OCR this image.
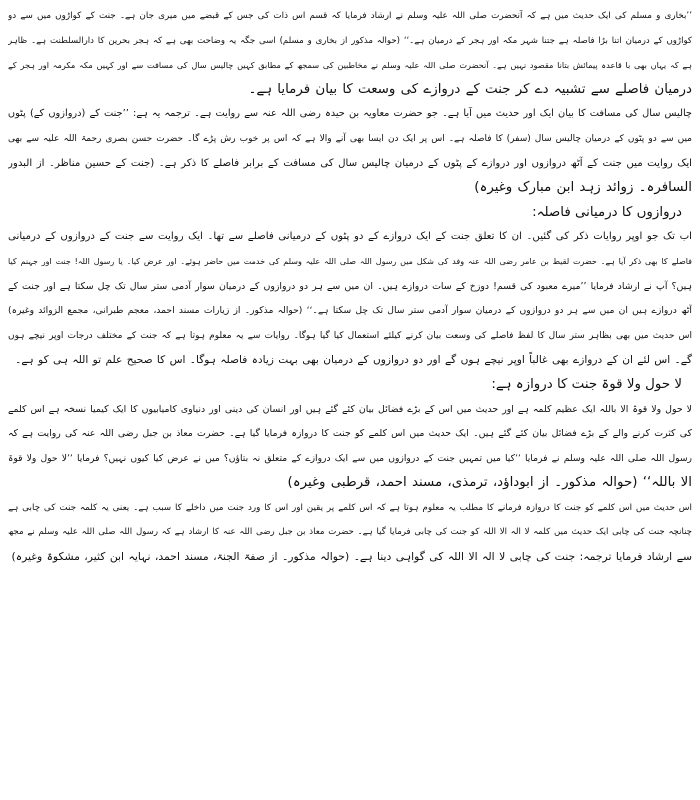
’’بخاری و مسلم کی ایک حدیث میں ہے کہ آنحضرت صلی اللہ علیہ وسلم نے ارشاد فرمایا کہ قسم اس ذات کی جس کے قبضے میں میری جان ہے۔ جنت کے کواڑوں میں سے دو
کواڑوں کے درمیان اتنا بڑا فاصلہ ہے جتنا شہر مکہ اور ہجر کے درمیان ہے۔‘‘ (حوالہ مذکور از بخاری و مسلم) اسی جگہ یہ وضاحت بھی ہے کہ ہجر بحرین کا دارالسلطنت ہے۔ ظاہر
ہے کہ یہاں بھی با قاعدہ پیمائش بتانا مقصود نہیں ہے۔ آنحضرت صلی اللہ علیہ وسلم نے مخاطبین کی سمجھ کے مطابق کہیں چالیس سال کی مسافت سے اور کہیں مکہ مکرمہ اور ہجر کے
درمیان فاصلے سے تشبیہ دے کر جنت کے دروازے کی وسعت کا بیان فرمایا ہے۔
چالیس سال کی مسافت کا بیان ایک اور حدیث میں آیا ہے۔ جو حضرت معاویہ بن حیدہ رضی اللہ عنہ سے روایت ہے۔ ترجمہ یہ ہے: ’’جنت کے (دروازوں کے) پٹوں
میں سے دو پٹوں کے درمیان چالیس سال (سفر) کا فاصلہ ہے۔ اس پر ایک دن ایسا بھی آنے والا ہے کہ اس پر خوب رش پڑے گا۔ حضرت حسن بصری رحمۃ اللہ علیہ سے بھی
ایک روایت میں جنت کے آٹھ دروازوں اور دروازے کے پٹوں کے درمیان چالیس سال کی مسافت کے برابر فاصلے کا ذکر ہے۔ (جنت کے حسین مناظر۔ از البدور
السافرہ۔ زوائد زہد ابن مبارک وغیرہ)
دروازوں کا درمیانی فاصلہ:
اب تک جو اوپر روایات ذکر کی گئیں۔ ان کا تعلق جنت کے ایک دروازے کے دو پٹوں کے درمیانی فاصلے سے تھا۔ ایک روایت سے جنت کے دروازوں کے درمیانی
فاصلے کا بھی ذکر آیا ہے۔ حضرت لقیط بن عامر رضی اللہ عنہ وفد کی شکل میں رسول اللہ صلی اللہ علیہ وسلم کی خدمت میں حاضر ہوئے۔ اور عرض کیا۔ یا رسول اللہ! جنت اور جہنم کیا
ہیں؟ آپ نے ارشاد فرمایا ’’میرے معبود کی قسم! دوزخ کے سات دروازے ہیں۔ ان میں سے ہر دو دروازوں کے درمیان سوار آدمی ستر سال تک چل سکتا ہے اور جنت کے
آٹھ دروازے ہیں ان میں سے ہر دو دروازوں کے درمیان سوار آدمی ستر سال تک چل سکتا ہے۔‘‘ (حوالہ مذکور۔ از زیارات مسند احمد، معجم طبرانی، مجمع الزوائد وغیرہ)
اس حدیث میں بھی بظاہر ستر سال کا لفظ فاصلے کی وسعت بیان کرنے کیلئے استعمال کیا گیا ہوگا۔ روایات سے یہ معلوم ہوتا ہے کہ جنت کے مختلف درجات اوپر نیچے ہوں
گے۔ اس لئے ان کے دروازے بھی غالباً اوپر نیچے ہوں گے اور دو دروازوں کے درمیان بھی بہت زیادہ فاصلہ ہوگا۔ اس کا صحیح علم تو اللہ ہی کو ہے۔
لا حول ولا قوۃ جنت کا دروازہ ہے:
لا حول ولا قوۃ الا باللہ ایک عظیم کلمہ ہے اور حدیث میں اس کے بڑے فضائل بیان کئے گئے ہیں اور انسان کی دینی اور دنیاوی کامیابیوں کا ایک کیمیا نسخہ ہے اس کلمے
کی کثرت کرنے والے کے بڑے فضائل بیان کئے گئے ہیں۔ ایک حدیث میں اس کلمے کو جنت کا دروازہ فرمایا گیا ہے۔ حضرت معاذ بن جبل رضی اللہ عنہ کی روایت ہے کہ
رسول اللہ صلی اللہ علیہ وسلم نے فرمایا ’’کیا میں تمہیں جنت کے دروازوں میں سے ایک دروازے کے متعلق نہ بتاؤں؟ میں نے عرض کیا کیوں نہیں؟ فرمایا ’’لا حول ولا قوۃ
الا باللہ‘‘ (حوالہ مذکور۔ از ابوداؤد، ترمذی، مسند احمد، قرطبی وغیرہ)
اس حدیث میں اس کلمے کو جنت کا دروازہ فرمانے کا مطلب یہ معلوم ہوتا ہے کہ اس کلمے پر یقین اور اس کا ورد جنت میں داخلے کا سبب ہے۔ یعنی یہ کلمہ جنت کی چابی ہے
چنانچہ جنت کی چابی ایک حدیث میں کلمہ لا الہ الا اللہ کو جنت کی چابی فرمایا گیا ہے۔ حضرت معاذ بن جبل رضی اللہ عنہ کا ارشاد ہے کہ رسول اللہ صلی اللہ علیہ وسلم نے مجھ
سے ارشاد فرمایا ترجمہ: جنت کی چابی لا الہ الا اللہ کی گواہی دینا ہے۔ (حوالہ مذکور۔ از صفۃ الجنۃ، مسند احمد، نہایہ ابن کثیر، مشکوۃ وغیرہ)
